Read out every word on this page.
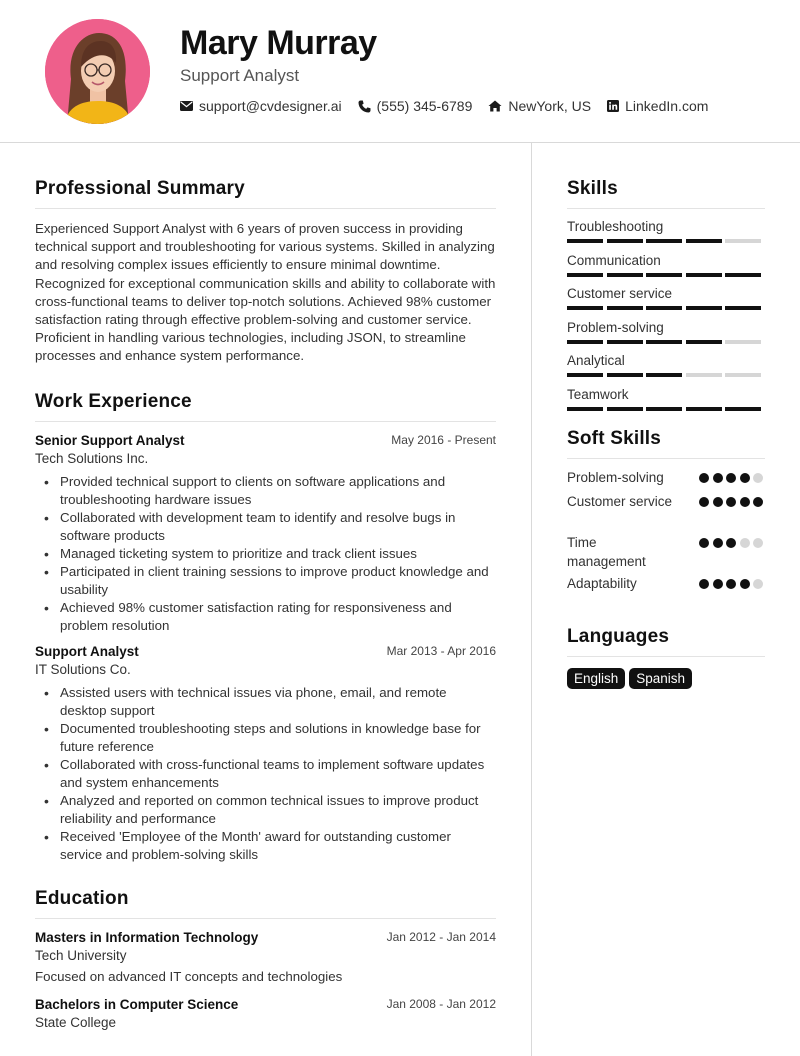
Mary Murray
Support Analyst
support@cvdesigner.ai	(555) 345-6789	NewYork, US LinkedIn.com
Professional Summary

Experienced Support Analyst with 6 years of proven success in providing technical support and troubleshooting for various systems. Skilled in analyzing and resolving complex issues efficiently to ensure minimal downtime. Recognized for exceptional communication skills and ability to collaborate with cross-functional teams to deliver top-notch solutions. Achieved 98% customer satisfaction rating through effective problem-solving and customer service. Proficient in handling various technologies, including JSON, to streamline processes and enhance system performance.

Work Experience
Senior Support Analyst	May 2016 - Present
Tech Solutions Inc.
• Provided technical support to clients on software applications and troubleshooting hardware issues
• Collaborated with development team to identify and resolve bugs in software products
• Managed ticketing system to prioritize and track client issues
• Participated in client training sessions to improve product knowledge and usability
• Achieved 98% customer satisfaction rating for responsiveness and problem resolution
Support Analyst	Mar 2013 - Apr 2016
IT Solutions Co.
• Assisted users with technical issues via phone, email, and remote desktop support
• Documented troubleshooting steps and solutions in knowledge base for future reference
• Collaborated with cross-functional teams to implement software updates and system enhancements
• Analyzed and reported on common technical issues to improve product reliability and performance
• Received 'Employee of the Month' award for outstanding customer service and problem-solving skills
Education
Masters in Information Technology	Jan 2012 - Jan 2014
Tech University
Focused on advanced IT concepts and technologies
Bachelors in Computer Science	Jan 2008 - Jan 2012
State College
Skills
Troubleshooting
Communication
Customer service
Problem-solving
Analytical
Teamwork
Soft Skills
Problem-solving
Customer service
Time management
Adaptability
Languages
English	Spanish
